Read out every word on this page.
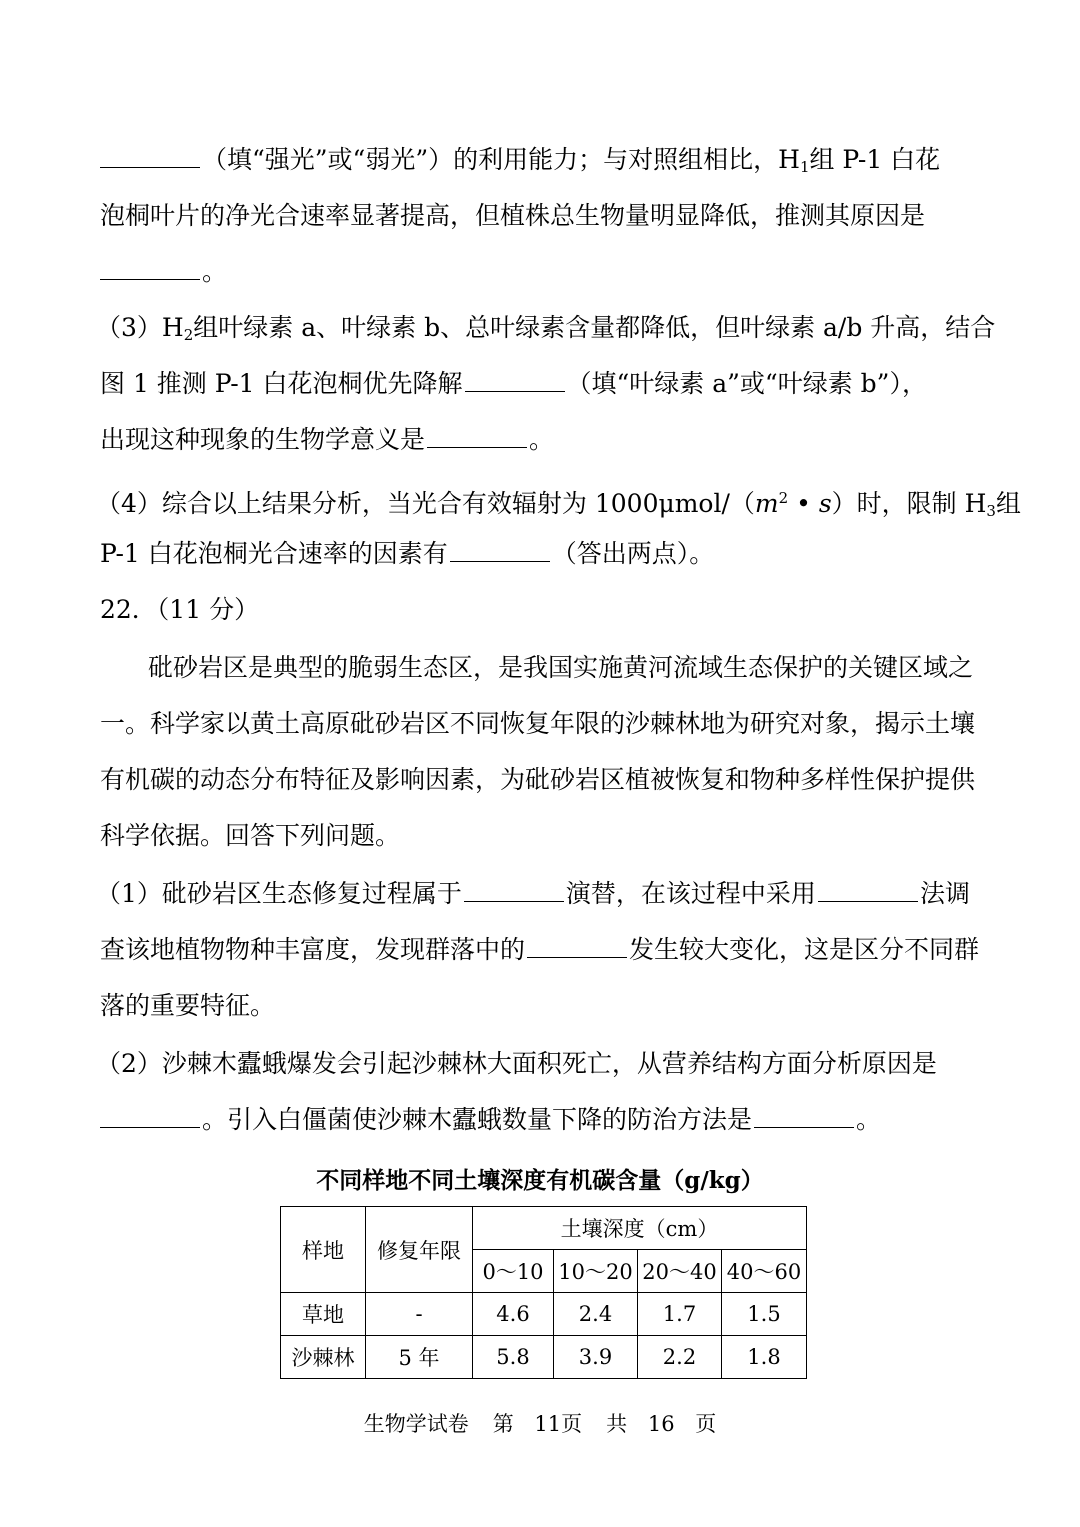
（填“强光”或“弱光”）的利用能力；与对照组相比，$H_1$组 P-1 白花
泡桐叶片的净光合速率显著提高，但植株总生物量明显降低，推测其原因是
。
$(3)H_2$组叶绿素 a、叶绿素 b、总叶绿素含量都降低，但叶绿素 a/b 升高，结合
图 1 推测 P-1 白花泡桐优先降解	（填“叶绿素 a”或“叶绿素 b”），
出现这种现象的生物学意义是	。
（4）综合以上结果分析，当光合有效辐射为 $1000\mu mol/(m^2$ • s）时，限制 $H_3$组
P-1 白花泡桐光合速率的因素有	（答出两点）。
22．（11 分）
砒砂岩区是典型的脆弱生态区，是我国实施黄河流域生态保护的关键区域之
一。科学家以黄土高原砒砂岩区不同恢复年限的沙棘林地为研究对象，揭示土壤
有机碳的动态分布特征及影响因素，为砒砂岩区植被恢复和物种多样性保护提供
科学依据。回答下列问题。
（1）砒砂岩区生态修复过程属于	演替，在该过程中采用	法调
查该地植物物种丰富度，发现群落中的	发生较大变化，这是区分不同群
落的重要特征。
（2）沙棘木蠹蛾爆发会引起沙棘林大面积死亡，从营养结构方面分析原因是
。引入白僵菌使沙棘木蠹蛾数量下降的防治方法是	。
不同样地不同土壤深度有机碳含量（g/kg）
样地	修复年限	土壤深度（cm）			
		0～10	10～20	20～40	40～60
草地	-	4.6	2.4	1.7	1.5
沙棘林	5 年	5.8	3.9	2.2	1.8
生物学试卷 第 11页 共 16 页
